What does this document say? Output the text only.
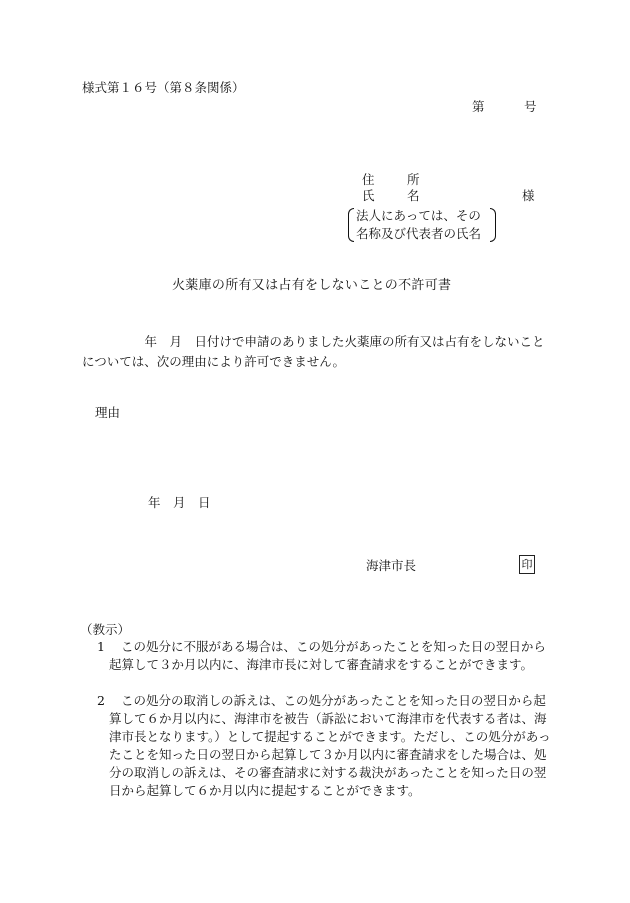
様式第１６号（第８条関係）
第	号
住　所
氏　名	様
法人にあっては、その
名称及び代表者の氏名
火薬庫の所有又は占有をしないことの不許可書
　　　　　年　月　日付けで申請のありました火薬庫の所有又は占有をしないことについては、次の理由により許可できません。
理由
年　月　日
海津市長	印
（教示）
1	この処分に不服がある場合は、この処分があったことを知った日の翌日から起算して３か月以内に、海津市長に対して審査請求をすることができます。
2	この処分の取消しの訴えは、この処分があったことを知った日の翌日から起算して６か月以内に、海津市を被告（訴訟において海津市を代表する者は、海津市長となります。）として提起することができます。ただし、この処分があったことを知った日の翌日から起算して３か月以内に審査請求をした場合は、処分の取消しの訴えは、その審査請求に対する裁決があったことを知った日の翌日から起算して６か月以内に提起することができます。
